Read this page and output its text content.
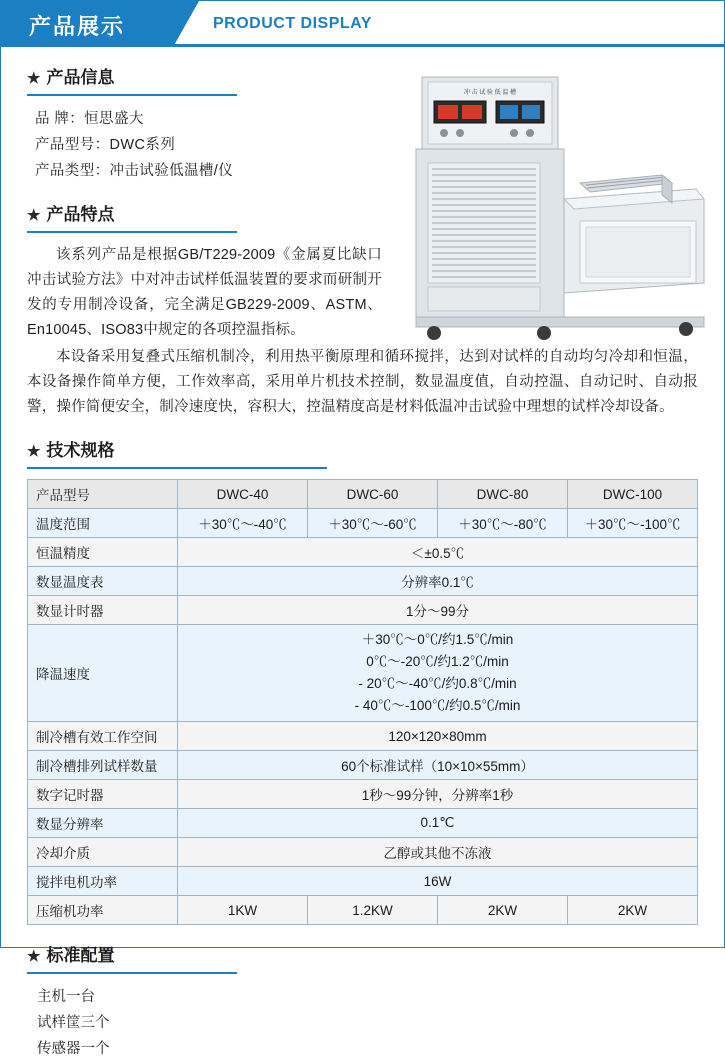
产品展示	PRODUCT DISPLAY
冲 击 试 验 低 温 槽
★ 产品信息
品 牌：恒思盛大
产品型号：DWC系列
产品类型：冲击试验低温槽/仪
★ 产品特点

该系列产品是根据GB/T229-2009《金属夏比缺口冲击试验方法》中对冲击试样低温装置的要求而研制开发的专用制冷设备，完全满足GB229-2009、ASTM、En10045、ISO83中规定的各项控温指标。

本设备采用复叠式压缩机制冷，利用热平衡原理和循环搅拌，达到对试样的自动均匀冷却和恒温，本设备操作简单方便，工作效率高，采用单片机技术控制，数显温度值，自动控温、自动记时、自动报警，操作简便安全，制冷速度快，容积大，控温精度高是材料低温冲击试验中理想的试样冷却设备。

★ 技术规格
产品型号	DWC-40	DWC-60	DWC-80	DWC-100
温度范围	＋30℃～-40℃	＋30℃～-60℃	＋30℃～-80℃	＋30℃～-100℃
恒温精度	＜±0.5℃			
数显温度表	分辨率0.1℃			
数显计时器	1分～99分			
降温速度	＋30℃～0℃/约1.5℃/min
0℃～-20℃/约1.2℃/min
- 20℃～-40℃/约0.8℃/min
- 40℃～-100℃/约0.5℃/min			

制冷槽有效工作空间	120×120×80mm			
制冷槽排列试样数量	60个标准试样（10×10×55mm）			
数字记时器	1秒～99分钟，分辨率1秒			
数显分辨率	0.1℃			
冷却介质	乙醇或其他不冻液			
搅拌电机功率	16W			
压缩机功率	1KW	1.2KW	2KW	2KW
★ 标准配置
主机一台
试样筐三个
传感器一个
